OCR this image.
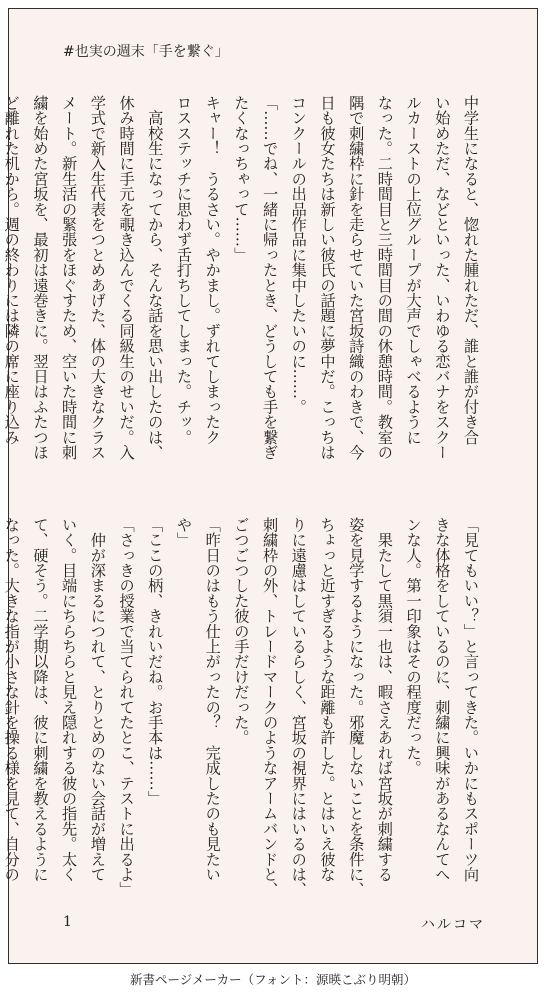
#也実の週末「手を繋ぐ」
中学生になると、惚れた腫れただ、誰と誰が付き合
い始めただ、などといった、いわゆる恋バナをスクー
ルカーストの上位グループが大声でしゃべるように
なった。二時間目と三時間目の間の休憩時間。教室の
隅で刺繍枠に針を走らせていた宮坂詩織のわきで、今
日も彼女たちは新しい彼氏の話題に夢中だ。こっちは
コンクールの出品作品に集中したいのに……。
「……でね、一緒に帰ったとき、どうしても手を繋ぎ
たくなっちゃって……」
キャー！　うるさい。やかまし。ずれてしまったク
ロスステッチに思わず舌打ちしてしまった。チッ。
　高校生になってから、そんな話を思い出したのは、
休み時間に手元を覗き込んでくる同級生のせいだ。入
学式で新入生代表をつとめあげた、体の大きなクラス
メート。新生活の緊張をほぐすため、空いた時間に刺
繍を始めた宮坂を、最初は遠巻きに。翌日はふたつほ
ど離れた机から。週の終わりには隣の席に座り込み
「見てもいい？」と言ってきた。いかにもスポーツ向
きな体格をしているのに、刺繍に興味があるなんてへ
ンな人。第一印象はその程度だった。
　果たして黒須一也は、暇さえあれば宮坂が刺繍する
姿を見学するようになった。邪魔しないことを条件に、
ちょっと近すぎるような距離も許した。とはいえ彼な
りに遠慮はしているらしく、宮坂の視界にはいるのは、
刺繍枠の外、トレードマークのようなアームバンドと、
ごつごつした彼の手だけだった。
「昨日のはもう仕上がったの？　完成したのも見たい
や」
「ここの柄、きれいだね。お手本は……」
「さっきの授業で当てられてたとこ、テストに出るよ」
　仲が深まるにつれて、とりとめのない会話が増えて
いく。目端にちらちらと見え隠れする彼の指先。太く
て、硬そう。二学期以降は、彼に刺繍を教えるように
なった。大きな指が小さな針を操る様を見て、自分の
1	ハルコマ
新書ページメーカー（フォント：源暎こぶり明朝）
